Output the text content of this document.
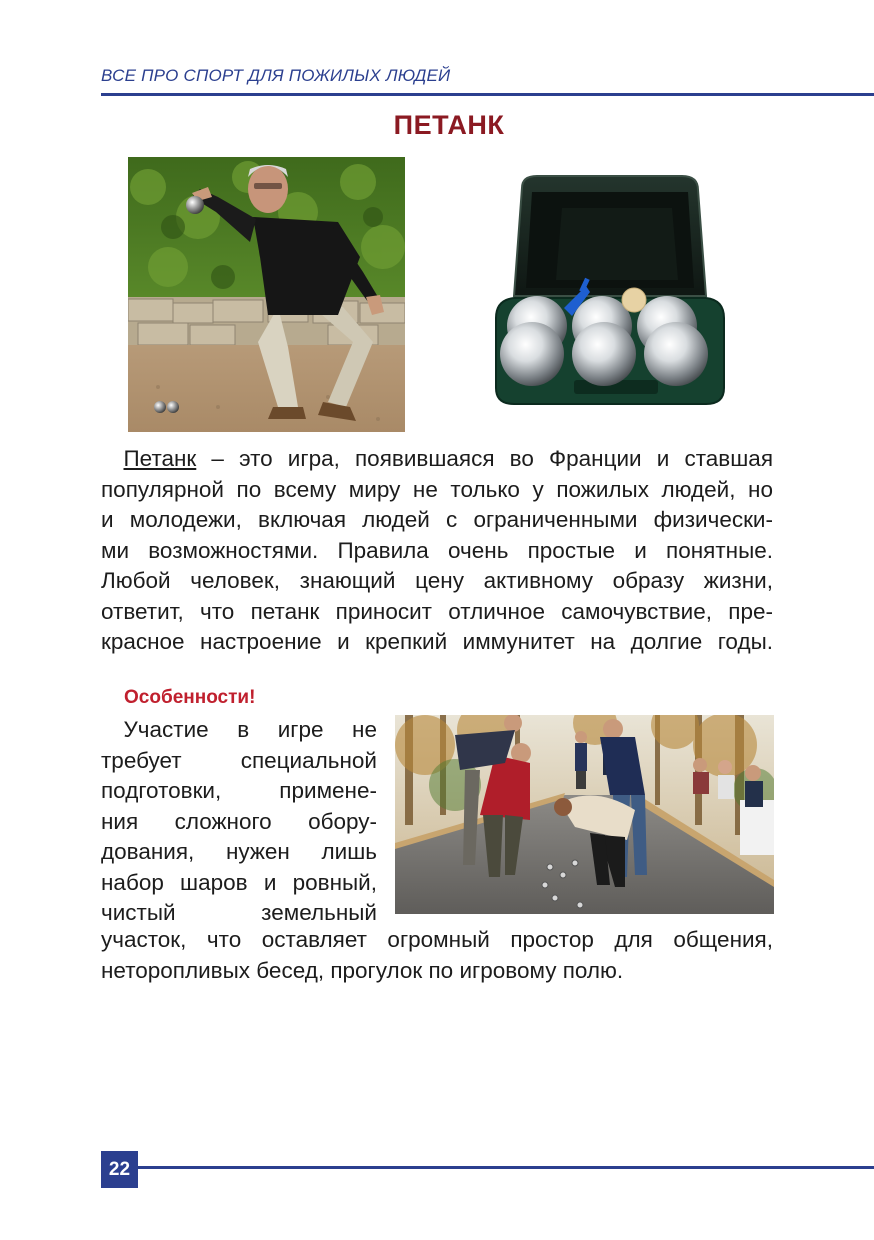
ВСЕ ПРО СПОРТ ДЛЯ ПОЖИЛЫХ ЛЮДЕЙ
ПЕТАНК

 Петанк – это игра, появившаяся во Франции и ставшая
популярной по всему миру не только у пожилых людей, но
и молодежи, включая людей с ограниченными физически-
ми возможностями. Правила очень простые и понятные.
Любой человек, знающий цену активному образу жизни,
ответит, что петанк приносит отличное самочувствие, пре-
красное настроение и крепкий иммунитет на долгие годы.

Особенности!

 Участие в игре не
требует специальной
подготовки, примене-
ния сложного обору-
дования, нужен лишь
набор шаров и ровный,
чистый земельный

участок, что оставляет огромный простор для общения,
неторопливых бесед, прогулок по игровому полю.

22
